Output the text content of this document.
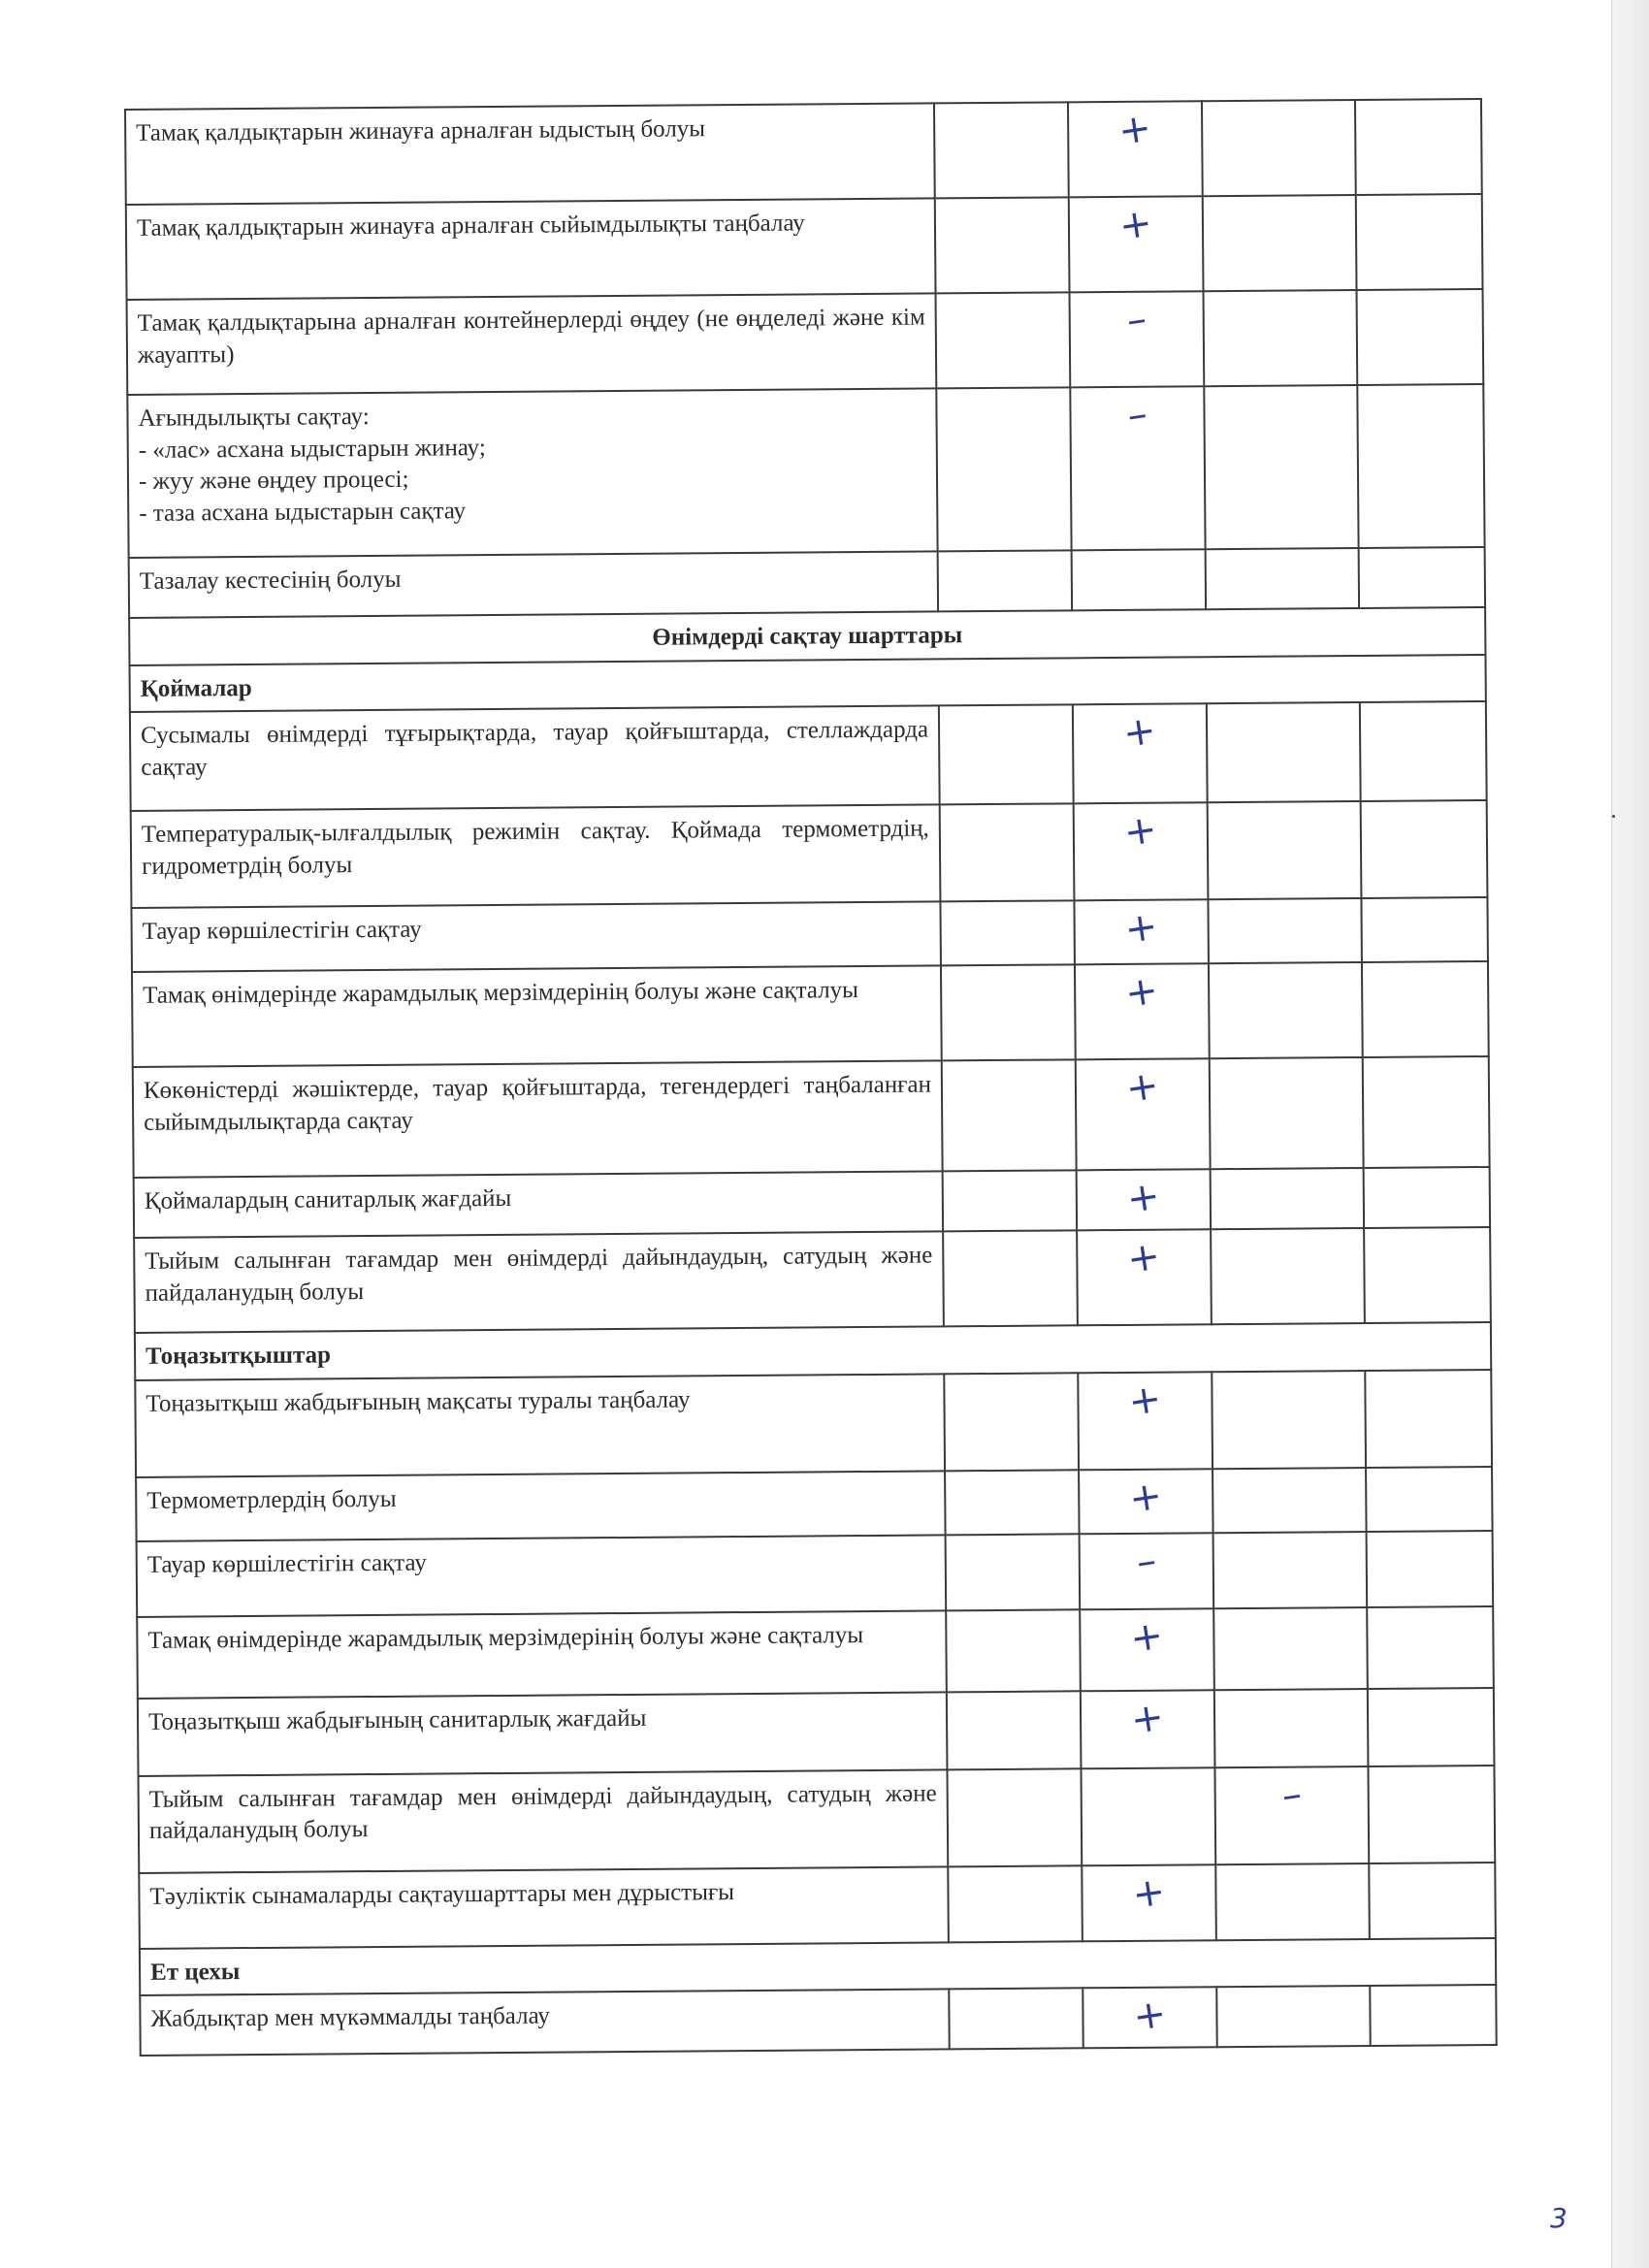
Тамақ қалдықтарын жинауға арналған ыдыстың болуы		+		
Тамақ қалдықтарын жинауға арналған сыйымдылықты таңбалау		+		
Тамақ қалдықтарына арналған контейнерлерді өңдеу (не өңделеді және кім жауапты)		–		
Ағындылықты сақтау:
- «лас» асхана ыдыстарын жинау;
- жуу және өңдеу процесі;
- таза асхана ыдыстарын сақтау		–		
Тазалау кестесінің болуы				
Өнімдерді сақтау шарттары				
Қоймалар				
Сусымалы өнімдерді тұғырықтарда, тауар қойғыштарда, стеллаждарда сақтау		+		
Температуралық-ылғалдылық режимін сақтау. Қоймада термометрдің, гидрометрдің болуы		+		
Тауар көршілестігін сақтау		+		
Тамақ өнімдерінде жарамдылық мерзімдерінің болуы және сақталуы		+		
Көкөністерді жәшіктерде, тауар қойғыштарда, тегендердегі таңбаланған сыйымдылықтарда сақтау		+		
Қоймалардың санитарлық жағдайы		+		
Тыйым салынған тағамдар мен өнімдерді дайындаудың, сатудың және пайдаланудың болуы		+		
Тоңазытқыштар				
Тоңазытқыш жабдығының мақсаты туралы таңбалау		+		
Термометрлердің болуы		+		
Тауар көршілестігін сақтау		–		
Тамақ өнімдерінде жарамдылық мерзімдерінің болуы және сақталуы		+		
Тоңазытқыш жабдығының санитарлық жағдайы		+		
Тыйым салынған тағамдар мен өнімдерді дайындаудың, сатудың және пайдаланудың болуы			–	
Тәуліктік сынамаларды сақтаушарттары мен дұрыстығы		+		
Ет цехы				
Жабдықтар мен мүкәммалды таңбалау		+		
3
